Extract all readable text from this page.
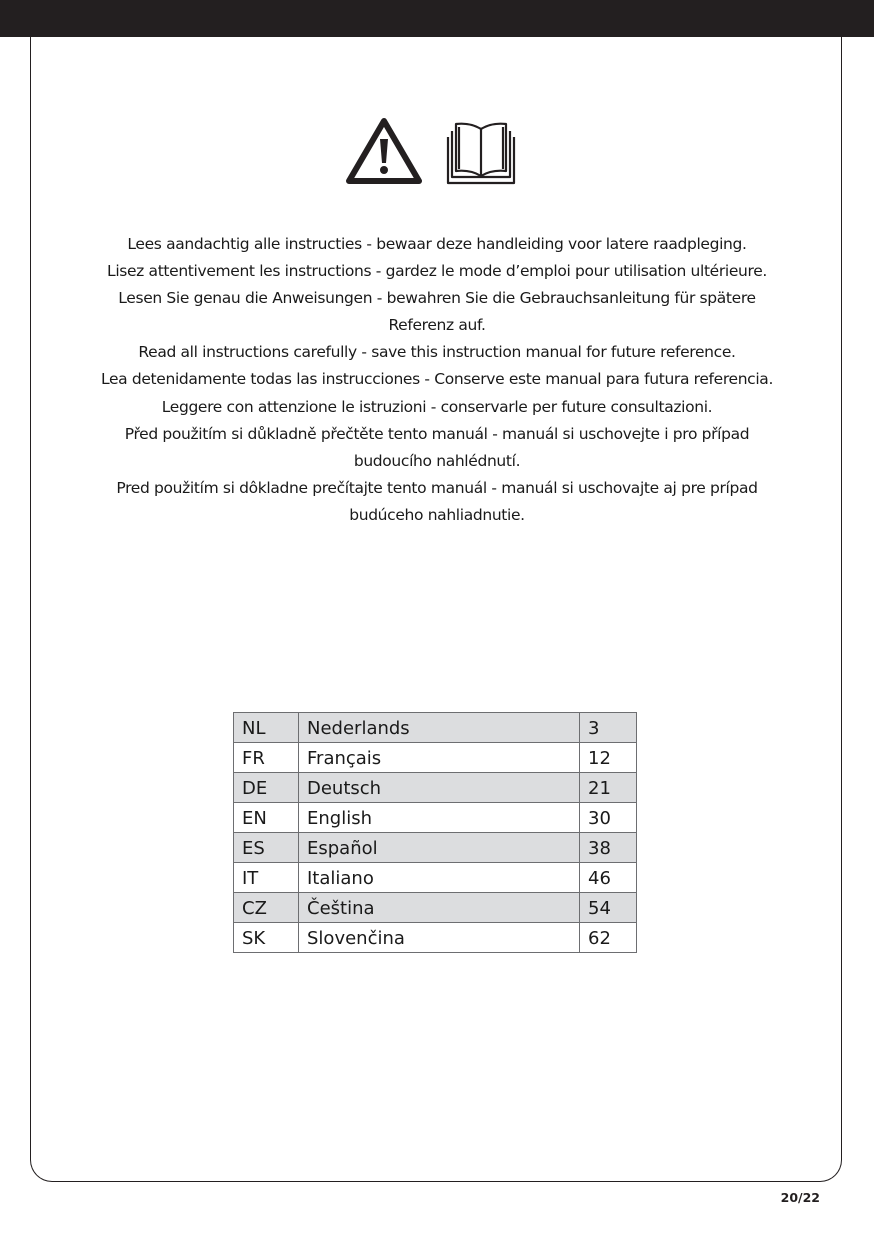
Lees aandachtig alle instructies - bewaar deze handleiding voor latere raadpleging.

Lisez attentivement les instructions - gardez le mode d’emploi pour utilisation ultérieure.

Lesen Sie genau die Anweisungen - bewahren Sie die Gebrauchsanleitung für spätere Referenz auf.

Read all instructions carefully - save this instruction manual for future reference.

Lea detenidamente todas las instrucciones - Conserve este manual para futura referencia.

Leggere con attenzione le istruzioni - conservarle per future consultazioni.

Před použitím si důkladně přečtěte tento manuál - manuál si uschovejte i pro případ budoucího nahlédnutí.

Pred použitím si dôkladne prečítajte tento manuál - manuál si uschovajte aj pre prípad budúceho nahliadnutie.

NL	Nederlands	3
FR	Français	12
DE	Deutsch	21
EN	English	30
ES	Español	38
IT	Italiano	46
CZ	Čeština	54
SK	Slovenčina	62
20/22
